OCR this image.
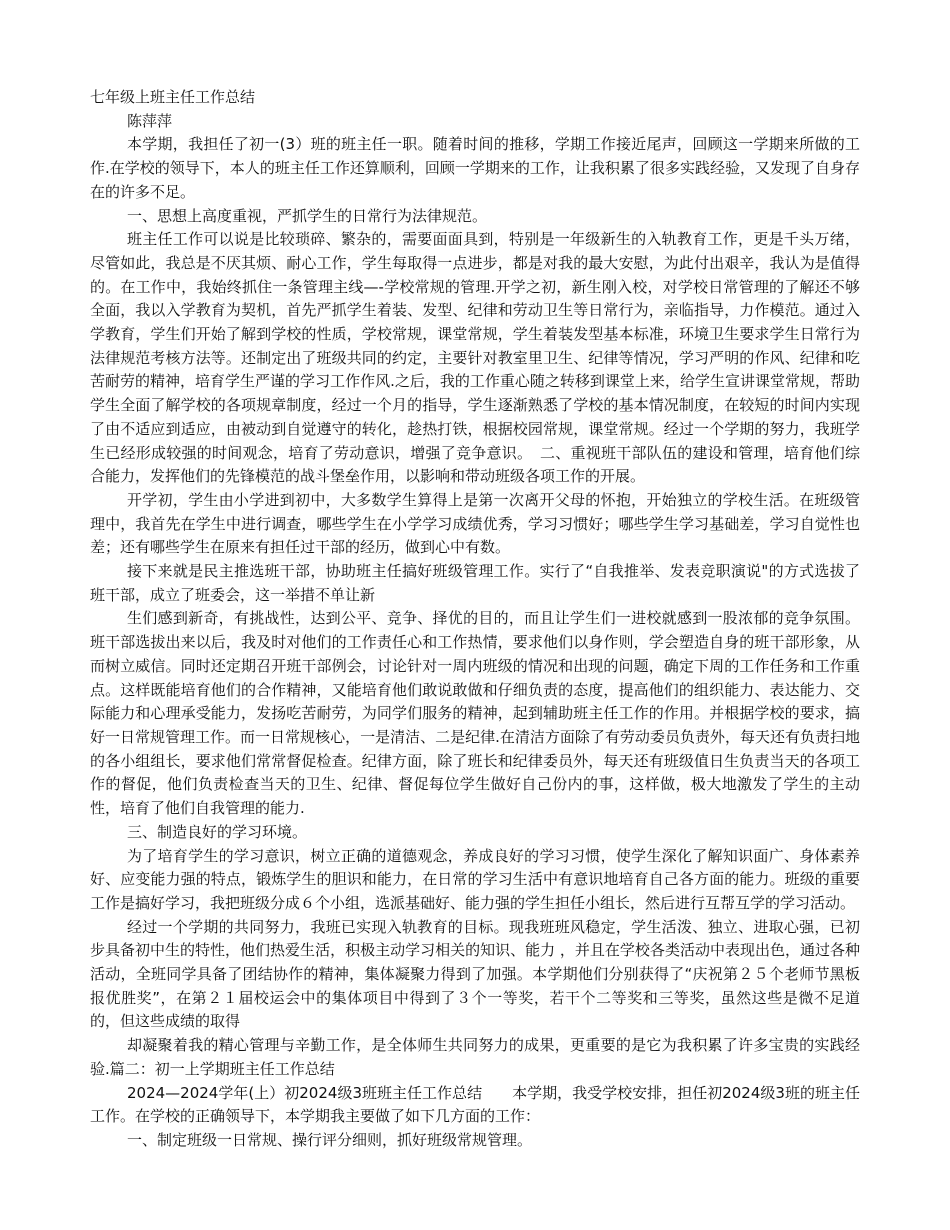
七年级上班主任工作总结

陈萍萍

本学期，我担任了初一(3）班的班主任一职。随着时间的推移，学期工作接近尾声，回顾这一学期来所做的工作.在学校的领导下，本人的班主任工作还算顺利，回顾一学期来的工作，让我积累了很多实践经验，又发现了自身存在的许多不足。

一、思想上高度重视，严抓学生的日常行为法律规范。

班主任工作可以说是比较琐碎、繁杂的，需要面面具到，特别是一年级新生的入轨教育工作，更是千头万绪，尽管如此，我总是不厌其烦、耐心工作，学生每取得一点进步，都是对我的最大安慰，为此付出艰辛，我认为是值得的。在工作中，我始终抓住一条管理主线—-学校常规的管理.开学之初，新生刚入校，对学校日常管理的了解还不够全面，我以入学教育为契机，首先严抓学生着装、发型、纪律和劳动卫生等日常行为，亲临指导，力作模范。通过入学教育，学生们开始了解到学校的性质，学校常规，课堂常规，学生着装发型基本标准，环境卫生要求学生日常行为法律规范考核方法等。还制定出了班级共同的约定，主要针对教室里卫生、纪律等情况，学习严明的作风、纪律和吃苦耐劳的精神，培育学生严谨的学习工作作风.之后，我的工作重心随之转移到课堂上来，给学生宣讲课堂常规，帮助学生全面了解学校的各项规章制度，经过一个月的指导，学生逐渐熟悉了学校的基本情况制度，在较短的时间内实现了由不适应到适应，由被动到自觉遵守的转化，趁热打铁，根据校园常规，课堂常规。经过一个学期的努力，我班学生已经形成较强的时间观念，培育了劳动意识，增强了竞争意识。　二、重视班干部队伍的建设和管理，培育他们综合能力，发挥他们的先锋模范的战斗堡垒作用，以影响和带动班级各项工作的开展。

开学初，学生由小学进到初中，大多数学生算得上是第一次离开父母的怀抱，开始独立的学校生活。在班级管理中，我首先在学生中进行调查，哪些学生在小学学习成绩优秀，学习习惯好；哪些学生学习基础差，学习自觉性也差；还有哪些学生在原来有担任过干部的经历，做到心中有数。

接下来就是民主推选班干部，协助班主任搞好班级管理工作。实行了“自我推举、发表竞职演说"的方式选拔了班干部，成立了班委会，这一举措不单让新

生们感到新奇，有挑战性，达到公平、竞争、择优的目的，而且让学生们一进校就感到一股浓郁的竞争氛围。班干部选拔出来以后，我及时对他们的工作责任心和工作热情，要求他们以身作则，学会塑造自身的班干部形象，从而树立威信。同时还定期召开班干部例会，讨论针对一周内班级的情况和出现的问题，确定下周的工作任务和工作重点。这样既能培育他们的合作精神，又能培育他们敢说敢做和仔细负责的态度，提高他们的组织能力、表达能力、交际能力和心理承受能力，发扬吃苦耐劳，为同学们服务的精神，起到辅助班主任工作的作用。并根据学校的要求，搞好一日常规管理工作。而一日常规核心，一是清洁、二是纪律.在清洁方面除了有劳动委员负责外，每天还有负责扫地的各小组组长，要求他们常常督促检查。纪律方面，除了班长和纪律委员外，每天还有班级值日生负责当天的各项工作的督促，他们负责检查当天的卫生、纪律、督促每位学生做好自己份内的事，这样做，极大地激发了学生的主动性，培育了他们自我管理的能力.

三、制造良好的学习环境。

为了培育学生的学习意识，树立正确的道德观念，养成良好的学习习惯，使学生深化了解知识面广、身体素养好、应变能力强的特点，锻炼学生的胆识和能力，在日常的学习生活中有意识地培育自己各方面的能力。班级的重要工作是搞好学习，我把班级分成６个小组，选派基础好、能力强的学生担任小组长，然后进行互帮互学的学习活动。

经过一个学期的共同努力，我班已实现入轨教育的目标。现我班班风稳定，学生活泼、独立、进取心强，已初步具备初中生的特性，他们热爱生活，积极主动学习相关的知识、能力 ，并且在学校各类活动中表现出色，通过各种活动，全班同学具备了团结协作的精神，集体凝聚力得到了加强。本学期他们分别获得了“庆祝第２５个老师节黑板报优胜奖”，在第２１届校运会中的集体项目中得到了３个一等奖，若干个二等奖和三等奖，虽然这些是微不足道的，但这些成绩的取得

却凝聚着我的精心管理与辛勤工作，是全体师生共同努力的成果，更重要的是它为我积累了许多宝贵的实践经验.篇二：初一上学期班主任工作总结

2024—2024学年(上）初2024级3班班主任工作总结　　本学期，我受学校安排，担任初2024级3班的班主任工作。在学校的正确领导下，本学期我主要做了如下几方面的工作：

一、制定班级一日常规、操行评分细则，抓好班级常规管理。
